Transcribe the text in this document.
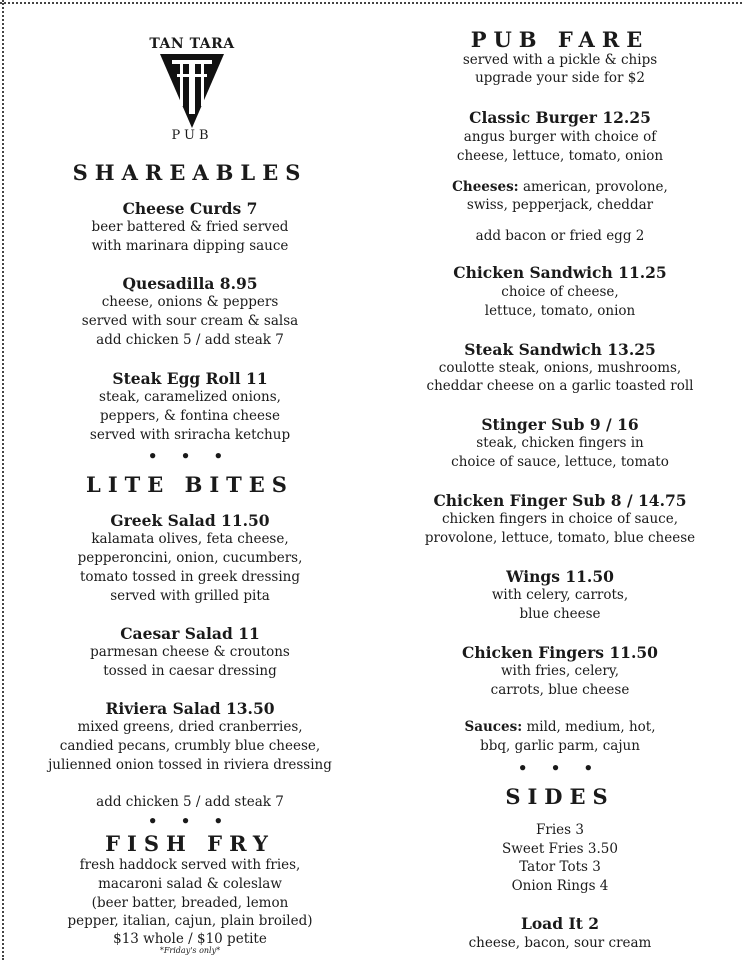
TAN TARA
PUB
SHAREABLES
Cheese Curds 7
beer battered & fried served
with marinara dipping sauce
Quesadilla 8.95
cheese, onions & peppers
served with sour cream & salsa
add chicken 5 / add steak 7
Steak Egg Roll 11
steak, caramelized onions,
peppers, & fontina cheese
served with sriracha ketchup
• • •
LITE BITES
Greek Salad 11.50
kalamata olives, feta cheese,
pepperoncini, onion, cucumbers,
tomato tossed in greek dressing
served with grilled pita
Caesar Salad 11
parmesan cheese & croutons
tossed in caesar dressing
Riviera Salad 13.50
mixed greens, dried cranberries,
candied pecans, crumbly blue cheese,
julienned onion tossed in riviera dressing
add chicken 5 / add steak 7
• • •
FISH FRY
fresh haddock served with fries,
macaroni salad & coleslaw
(beer batter, breaded, lemon
pepper, italian, cajun, plain broiled)
$13 whole / $10 petite
*Friday's only*
PUB FARE
served with a pickle & chips
upgrade your side for $2
Classic Burger 12.25
angus burger with choice of
cheese, lettuce, tomato, onion
Cheeses: american, provolone,
swiss, pepperjack, cheddar
add bacon or fried egg 2
Chicken Sandwich 11.25
choice of cheese,
lettuce, tomato, onion
Steak Sandwich 13.25
coulotte steak, onions, mushrooms,
cheddar cheese on a garlic toasted roll
Stinger Sub 9 / 16
steak, chicken fingers in
choice of sauce, lettuce, tomato
Chicken Finger Sub 8 / 14.75
chicken fingers in choice of sauce,
provolone, lettuce, tomato, blue cheese
Wings 11.50
with celery, carrots,
blue cheese
Chicken Fingers 11.50
with fries, celery,
carrots, blue cheese
Sauces: mild, medium, hot,
bbq, garlic parm, cajun
• • •
SIDES
Fries 3
Sweet Fries 3.50
Tator Tots 3
Onion Rings 4
Load It 2
cheese, bacon, sour cream
